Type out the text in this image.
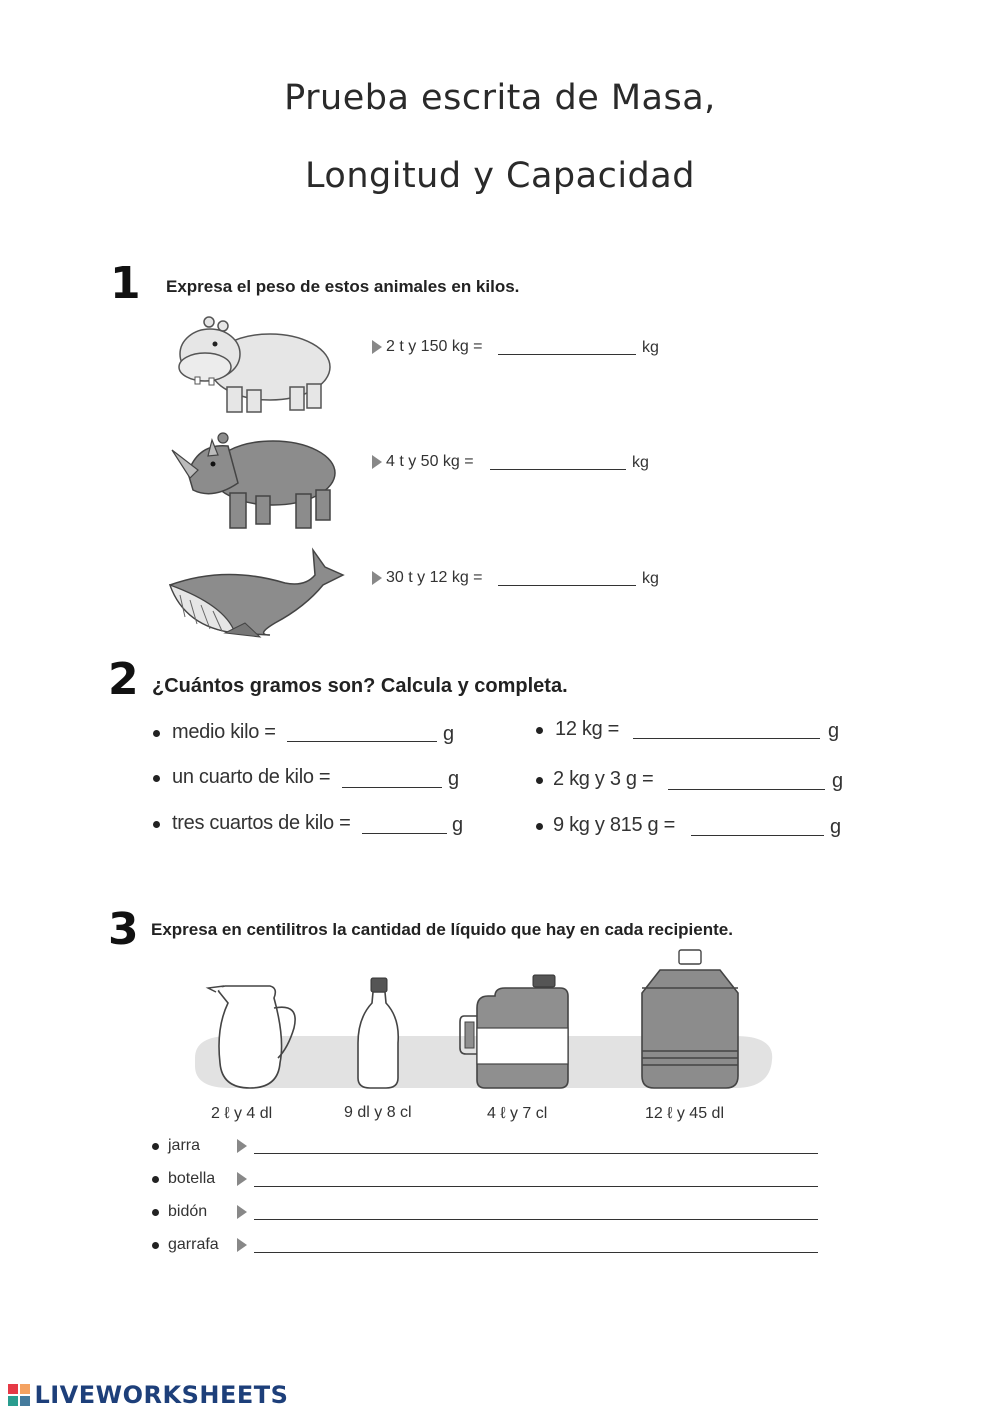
Prueba escrita de Masa,
Longitud y Capacidad
1 Expresa el peso de estos animales en kilos.
2 t y 150 kg =	kg
4 t y 50 kg =	kg
30 t y 12 kg =	kg
2 ¿Cuántos gramos son? Calcula y completa.
medio kilo =	g
un cuarto de kilo =	g
tres cuartos de kilo =	g
12 kg =	g
2 kg y 3 g =	g
9 kg y 815 g =	g
3 Expresa en centilitros la cantidad de líquido que hay en cada recipiente.
2 ℓ y 4 dl	9 dl y 8 cl	4 ℓ y 7 cl	12 ℓ y 45 dl
jarra
botella
bidón
garrafa
LIVEWORKSHEETS
